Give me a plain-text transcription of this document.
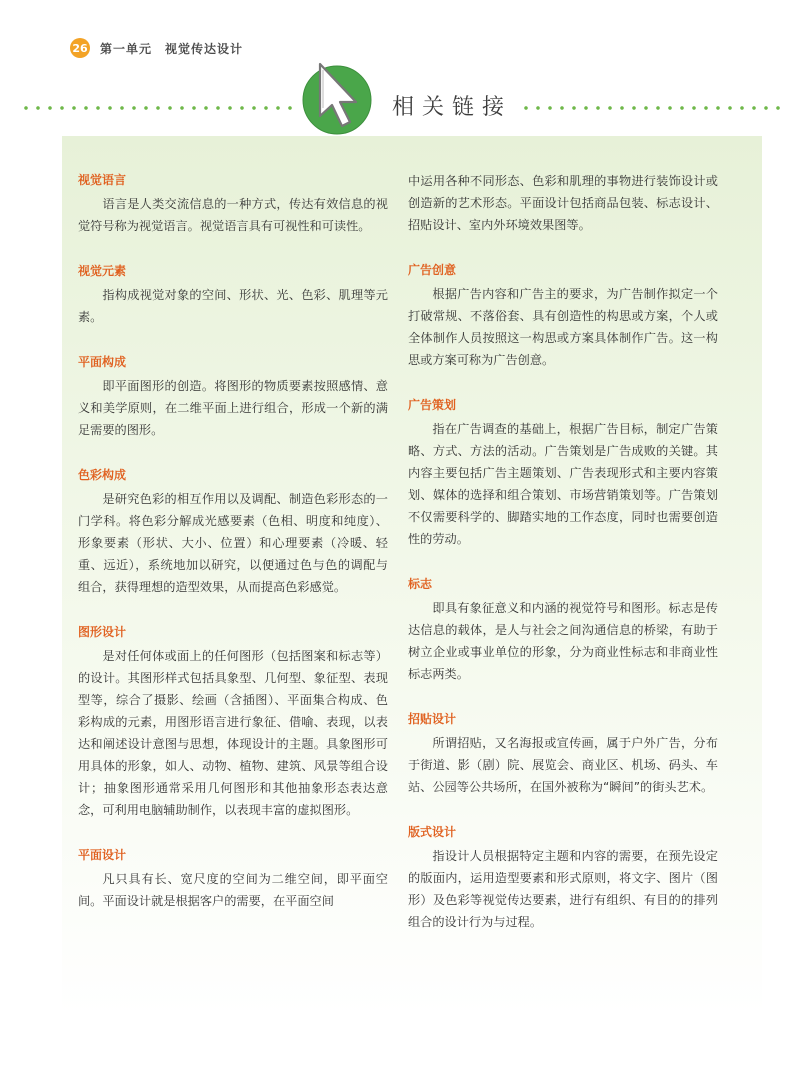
26 第一单元　视觉传达设计
相关链接
视觉语言
语言是人类交流信息的一种方式，传达有效信息的视觉符号称为视觉语言。视觉语言具有可视性和可读性。
视觉元素
指构成视觉对象的空间、形状、光、色彩、肌理等元素。
平面构成
即平面图形的创造。将图形的物质要素按照感情、意义和美学原则，在二维平面上进行组合，形成一个新的满足需要的图形。
色彩构成
是研究色彩的相互作用以及调配、制造色彩形态的一门学科。将色彩分解成光感要素（色相、明度和纯度）、形象要素（形状、大小、位置）和心理要素（冷暖、轻重、远近），系统地加以研究，以便通过色与色的调配与组合，获得理想的造型效果，从而提高色彩感觉。
图形设计
是对任何体或面上的任何图形（包括图案和标志等）的设计。其图形样式包括具象型、几何型、象征型、表现型等，综合了摄影、绘画（含插图）、平面集合构成、色彩构成的元素，用图形语言进行象征、借喻、表现，以表达和阐述设计意图与思想，体现设计的主题。具象图形可用具体的形象，如人、动物、植物、建筑、风景等组合设计；抽象图形通常采用几何图形和其他抽象形态表达意念，可利用电脑辅助制作，以表现丰富的虚拟图形。
平面设计
凡只具有长、宽尺度的空间为二维空间，即平面空间。平面设计就是根据客户的需要，在平面空间
中运用各种不同形态、色彩和肌理的事物进行装饰设计或创造新的艺术形态。平面设计包括商品包装、标志设计、招贴设计、室内外环境效果图等。
广告创意
根据广告内容和广告主的要求，为广告制作拟定一个打破常规、不落俗套、具有创造性的构思或方案，个人或全体制作人员按照这一构思或方案具体制作广告。这一构思或方案可称为广告创意。
广告策划
指在广告调查的基础上，根据广告目标，制定广告策略、方式、方法的活动。广告策划是广告成败的关键。其内容主要包括广告主题策划、广告表现形式和主要内容策划、媒体的选择和组合策划、市场营销策划等。广告策划不仅需要科学的、脚踏实地的工作态度，同时也需要创造性的劳动。
标志
即具有象征意义和内涵的视觉符号和图形。标志是传达信息的载体，是人与社会之间沟通信息的桥梁，有助于树立企业或事业单位的形象，分为商业性标志和非商业性标志两类。
招贴设计
所谓招贴，又名海报或宣传画，属于户外广告，分布于街道、影（剧）院、展览会、商业区、机场、码头、车站、公园等公共场所，在国外被称为“瞬间”的街头艺术。
版式设计
指设计人员根据特定主题和内容的需要，在预先设定的版面内，运用造型要素和形式原则，将文字、图片（图形）及色彩等视觉传达要素，进行有组织、有目的的排列组合的设计行为与过程。
